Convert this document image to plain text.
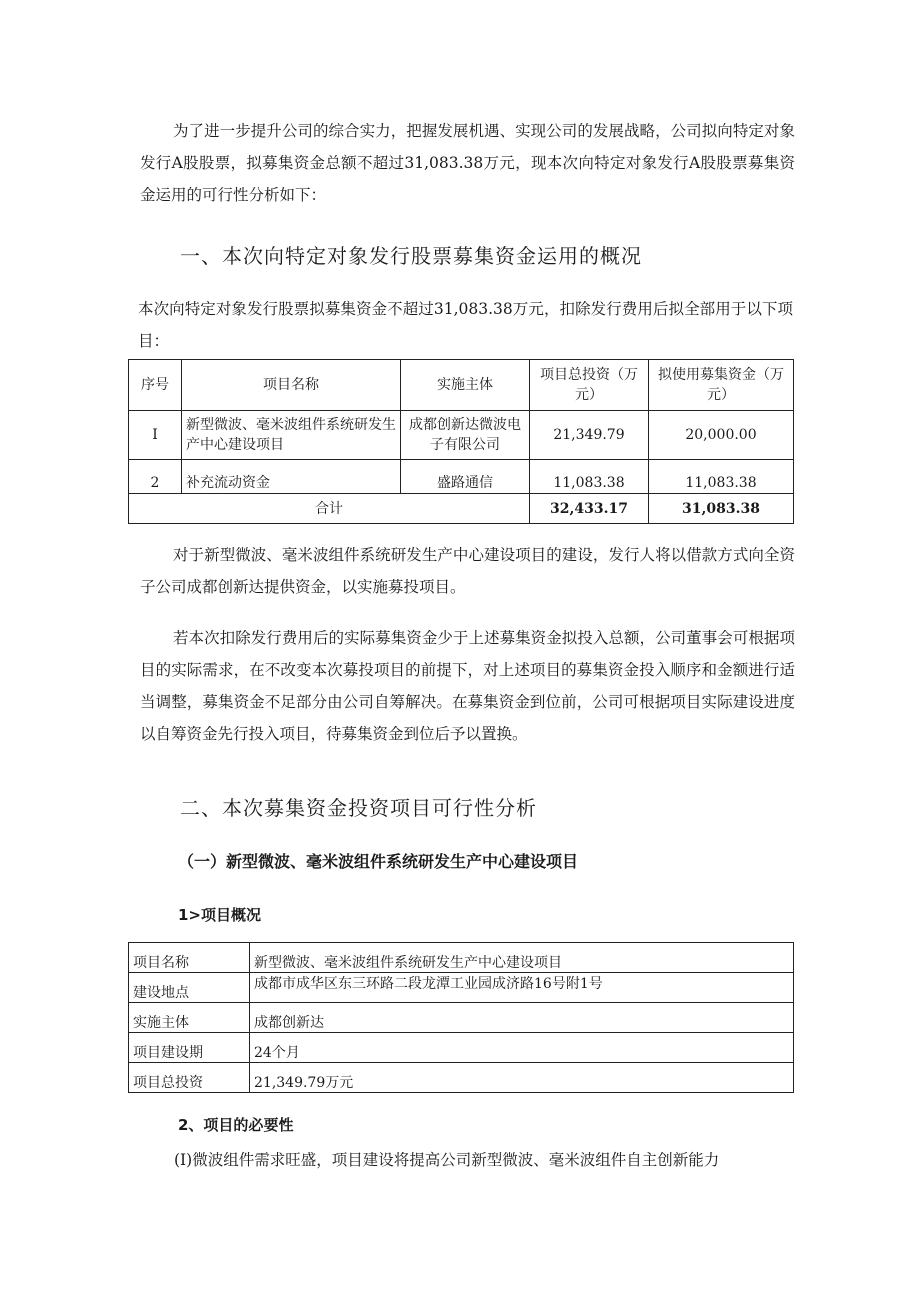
为了进一步提升公司的综合实力，把握发展机遇、实现公司的发展战略，公司拟向特定对象发行A股股票，拟募集资金总额不超过31,083.38万元，现本次向特定对象发行A股股票募集资金运用的可行性分析如下：

一、本次向特定对象发行股票募集资金运用的概况

本次向特定对象发行股票拟募集资金不超过31,083.38万元，扣除发行费用后拟全部用于以下项目：

序号	项目名称	实施主体	项目总投资（万元）	拟使用募集资金（万元）
I	新型微波、毫米波组件系统研发生产中心建设项目	成都创新达微波电子有限公司	21,349.79	20,000.00
2	补充流动资金	盛路通信	11,083.38	11,083.38
合计			32,433.17	31,083.38

对于新型微波、毫米波组件系统研发生产中心建设项目的建设，发行人将以借款方式向全资子公司成都创新达提供资金，以实施募投项目。

若本次扣除发行费用后的实际募集资金少于上述募集资金拟投入总额，公司董事会可根据项目的实际需求，在不改变本次募投项目的前提下，对上述项目的募集资金投入顺序和金额进行适当调整，募集资金不足部分由公司自筹解决。在募集资金到位前，公司可根据项目实际建设进度以自筹资金先行投入项目，待募集资金到位后予以置换。

二、本次募集资金投资项目可行性分析
（一）新型微波、毫米波组件系统研发生产中心建设项目
1>项目概况
项目名称	新型微波、毫米波组件系统研发生产中心建设项目
建设地点	成都市成华区东三环路二段龙潭工业园成济路16号附1号
实施主体	成都创新达
项目建设期	24个月
项目总投资	21,349.79万元
2、项目的必要性

(I)微波组件需求旺盛，项目建设将提高公司新型微波、毫米波组件自主创新能力
